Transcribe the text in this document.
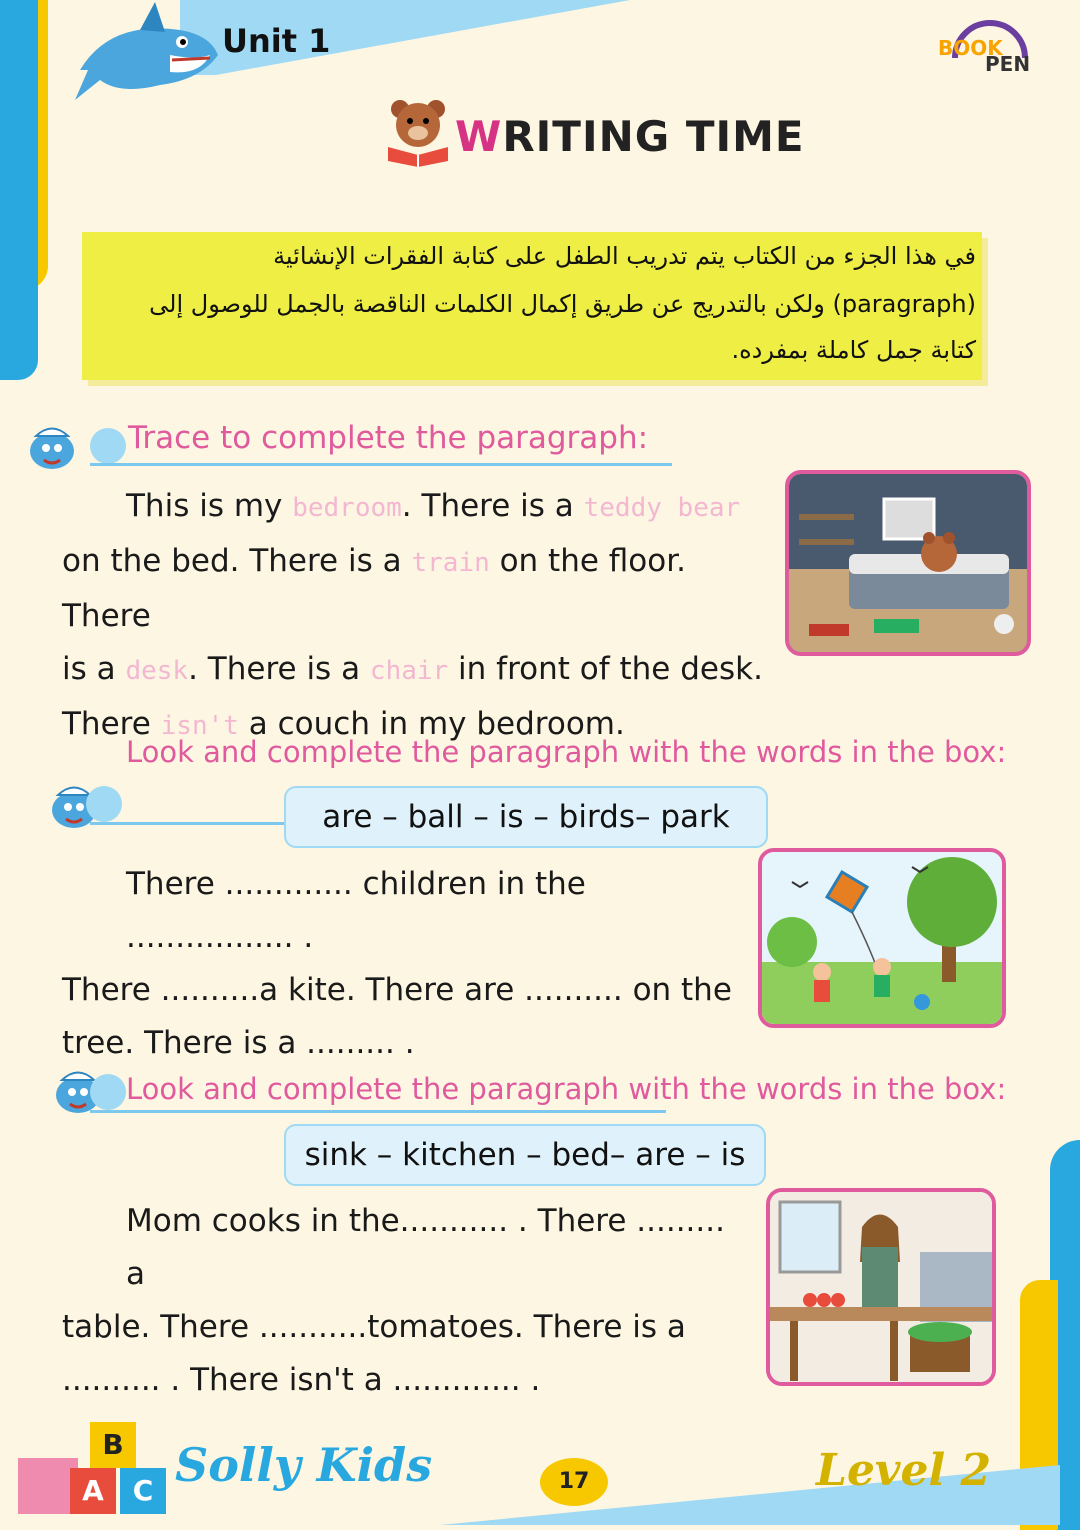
Unit 1	BOOK
PEN
WRITING TIME
في هذا الجزء من الكتاب يتم تدريب الطفل على كتابة الفقرات الإنشائية
(paragraph) ولكن بالتدريج عن طريق إكمال الكلمات الناقصة بالجمل للوصول إلى
كتابة جمل كاملة بمفرده.
Trace to complete the paragraph:
This is my bedroom. There is a teddy bear
on the bed. There is a train on the floor. There
is a desk. There is a chair in front of the desk.
There isn't a couch in my bedroom.
Look and complete the paragraph with the words in the box:
are – ball – is – birds– park
There ............. children in the ................. .
There ..........a kite. There are .......... on the
tree. There is a ......... .
Look and complete the paragraph with the words in the box:
sink – kitchen – bed– are – is
Mom cooks in the........... . There ......... a
table. There ...........tomatoes. There is a
.......... . There isn't a ............. .
B
A	C Solly Kids	17	Level 2
